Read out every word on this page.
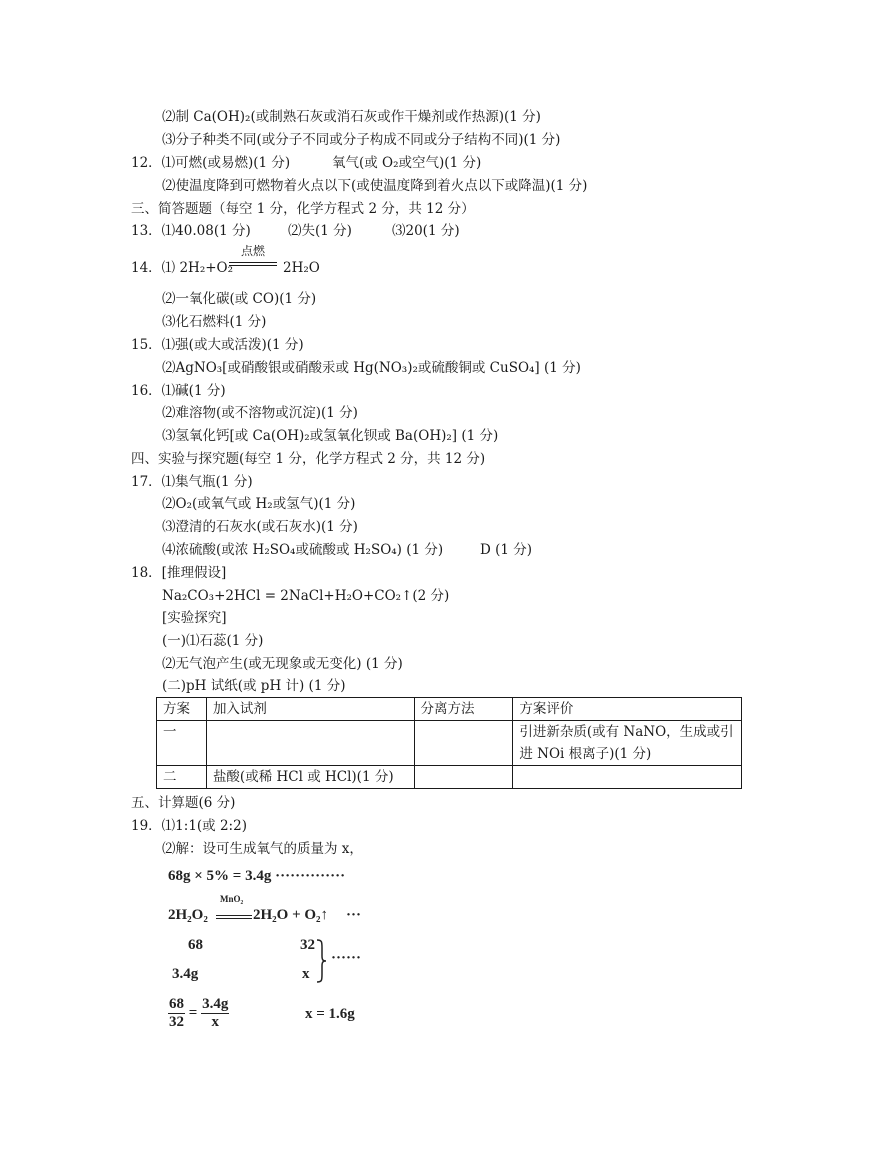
⑵制 Ca(OH)₂(或制熟石灰或消石灰或作干燥剂或作热源)(1 分)
⑶分子种类不同(或分子不同或分子构成不同或分子结构不同)(1 分)
12．⑴可燃(或易燃)(1 分)	氧气(或 O₂或空气)(1 分)
⑵使温度降到可燃物着火点以下(或使温度降到着火点以下或降温)(1 分)
三、简答题题（每空 1 分，化学方程式 2 分，共 12 分）
13．⑴40.08(1 分)	⑵失(1 分)	⑶20(1 分)
14．⑴ 2H₂+O₂
点燃
2H₂O
⑵一氧化碳(或 CO)(1 分)
⑶化石燃料(1 分)
15．⑴强(或大或活泼)(1 分)
⑵AgNO₃[或硝酸银或硝酸汞或 Hg(NO₃)₂或硫酸铜或 CuSO₄] (1 分)
16．⑴碱(1 分)
⑵难溶物(或不溶物或沉淀)(1 分)
⑶氢氧化钙[或 Ca(OH)₂或氢氧化钡或 Ba(OH)₂] (1 分)
四、实验与探究题(每空 1 分，化学方程式 2 分，共 12 分)
17．⑴集气瓶(1 分)
⑵O₂(或氧气或 H₂或氢气)(1 分)
⑶澄清的石灰水(或石灰水)(1 分)
⑷浓硫酸(或浓 H₂SO₄或硫酸或 H₂SO₄) (1 分)	D (1 分)
18．[推理假设]
Na₂CO₃+2HCl = 2NaCl+H₂O+CO₂↑(2 分)
[实验探究]
(一)⑴石蕊(1 分)
⑵无气泡产生(或无现象或无变化) (1 分)
(二)pH 试纸(或 pH 计) (1 分)
方案	加入试剂	分离方法	方案评价
一			引进新杂质(或有 NaNO，生成或引进 NOi 根离子)(1 分)
二	盐酸(或稀 HCl 或 HCl)(1 分)		
五、计算题(6 分)
19．⑴1:1(或 2:2)
⑵解：设可生成氧气的质量为 x，
68g × 5% = 3.4g ··············
2H₂O₂
MnO₂
2H₂O + O₂↑ ···
68	32
3.4g	x
······
$\frac{68}{32} = \frac{3.4g}{x}$	x = 1.6g
